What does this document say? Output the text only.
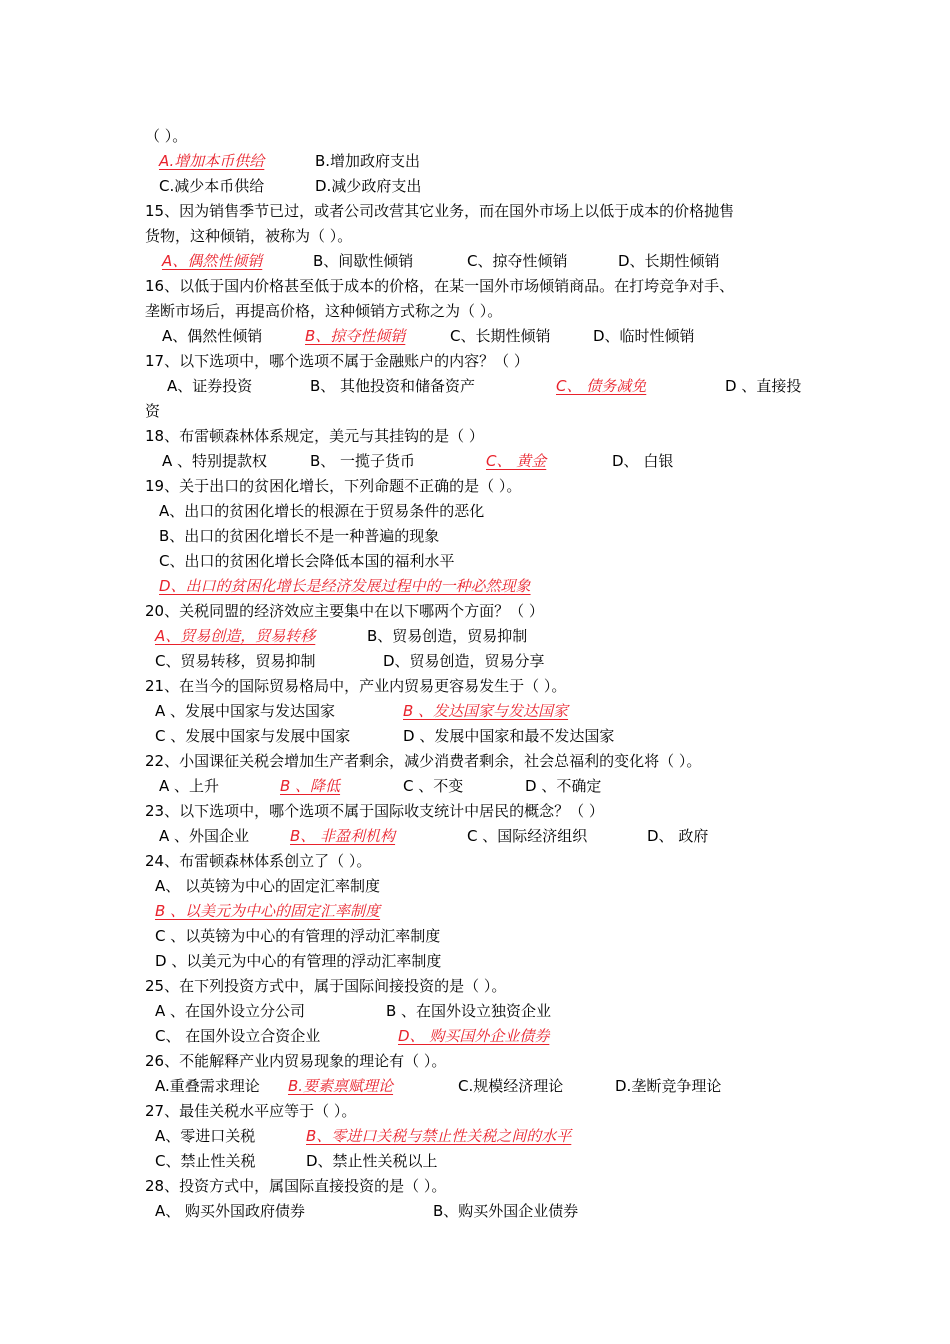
（ ）。
A.增加本币供给	B.增加政府支出
C.减少本币供给	D.减少政府支出
15、因为销售季节已过，或者公司改营其它业务，而在国外市场上以低于成本的价格抛售
货物，这种倾销，被称为（ ）。
A、偶然性倾销	B、间歇性倾销	C、掠夺性倾销	D、长期性倾销
16、以低于国内价格甚至低于成本的价格，在某一国外市场倾销商品。在打垮竞争对手、
垄断市场后，再提高价格，这种倾销方式称之为（ ）。
A、偶然性倾销	B、掠夺性倾销	C、长期性倾销	D、临时性倾销
17、以下选项中，哪个选项不属于金融账户的内容？（ ）
A、证券投资	B、 其他投资和储备资产	C、 债务减免	D 、直接投
资
18、布雷顿森林体系规定，美元与其挂钩的是（ ）
A 、特别提款权	B、 一揽子货币	C、 黄金	D、 白银
19、关于出口的贫困化增长，下列命题不正确的是（ ）。
A、出口的贫困化增长的根源在于贸易条件的恶化
B、出口的贫困化增长不是一种普遍的现象
C、出口的贫困化增长会降低本国的福利水平
D、出口的贫困化增长是经济发展过程中的一种必然现象
20、关税同盟的经济效应主要集中在以下哪两个方面？（ ）
A、贸易创造，贸易转移	B、贸易创造，贸易抑制
C、贸易转移，贸易抑制	D、贸易创造，贸易分享
21、在当今的国际贸易格局中，产业内贸易更容易发生于（ ）。
A 、发展中国家与发达国家	B 、发达国家与发达国家
C 、发展中国家与发展中国家	D 、发展中国家和最不发达国家
22、小国课征关税会增加生产者剩余，减少消费者剩余，社会总福利的变化将（ ）。
A 、上升	B 、降低	C 、不变	D 、不确定
23、以下选项中，哪个选项不属于国际收支统计中居民的概念？（ ）
A 、外国企业	B、 非盈利机构	C 、国际经济组织	D、 政府
24、布雷顿森林体系创立了（ ）。
A、 以英镑为中心的固定汇率制度
B 、以美元为中心的固定汇率制度
C 、以英镑为中心的有管理的浮动汇率制度
D 、以美元为中心的有管理的浮动汇率制度
25、在下列投资方式中，属于国际间接投资的是（ ）。
A 、在国外设立分公司	B 、在国外设立独资企业
C、 在国外设立合资企业	D、 购买国外企业债券
26、不能解释产业内贸易现象的理论有（ ）。
A.重叠需求理论 B.要素禀赋理论	C.规模经济理论	D.垄断竞争理论
27、最佳关税水平应等于（ ）。
A、零进口关税	B、零进口关税与禁止性关税之间的水平
C、禁止性关税	D、禁止性关税以上
28、投资方式中，属国际直接投资的是（ ）。
A、 购买外国政府债券	B、购买外国企业债券
